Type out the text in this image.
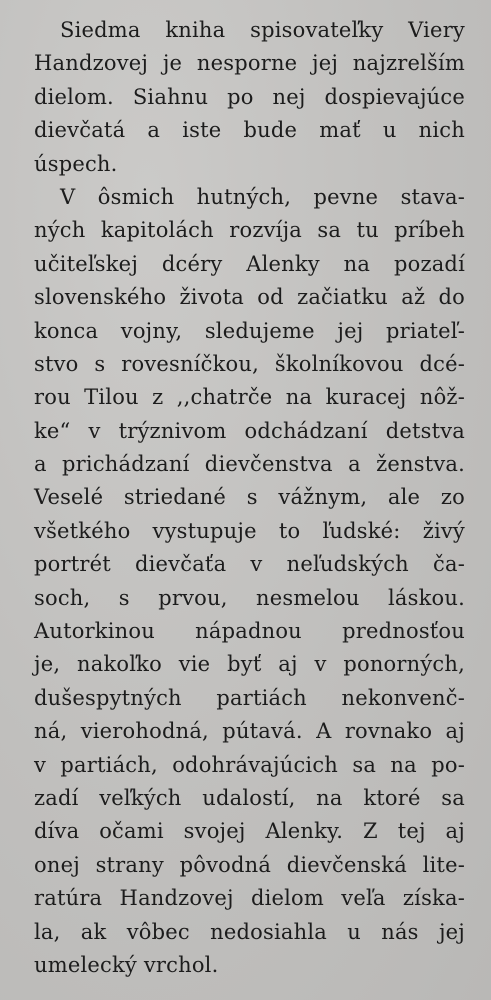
Siedma kniha spisovateľky Viery
Handzovej je nesporne jej najzrelším
dielom. Siahnu po nej dospievajúce
dievčatá a iste bude mať u nich
úspech.
V ôsmich hutných, pevne stava-
ných kapitolách rozvíja sa tu príbeh
učiteľskej dcéry Alenky na pozadí
slovenského života od začiatku až do
konca vojny, sledujeme jej priateľ-
stvo s rovesníčkou, školníkovou dcé-
rou Tilou z ,,chatrče na kuracej nôž-
ke“ v trýznivom odchádzaní detstva
a prichádzaní dievčenstva a ženstva.
Veselé striedané s vážnym, ale zo
všetkého vystupuje to ľudské: živý
portrét dievčaťa v neľudských ča-
soch, s prvou, nesmelou láskou.
Autorkinou nápadnou prednosťou
je, nakoľko vie byť aj v ponorných,
dušespytných partiách nekonvenč-
ná, vierohodná, pútavá. A rovnako aj
v partiách, odohrávajúcich sa na po-
zadí veľkých udalostí, na ktoré sa
díva očami svojej Alenky. Z tej aj
onej strany pôvodná dievčenská lite-
ratúra Handzovej dielom veľa získa-
la, ak vôbec nedosiahla u nás jej
umelecký vrchol.
